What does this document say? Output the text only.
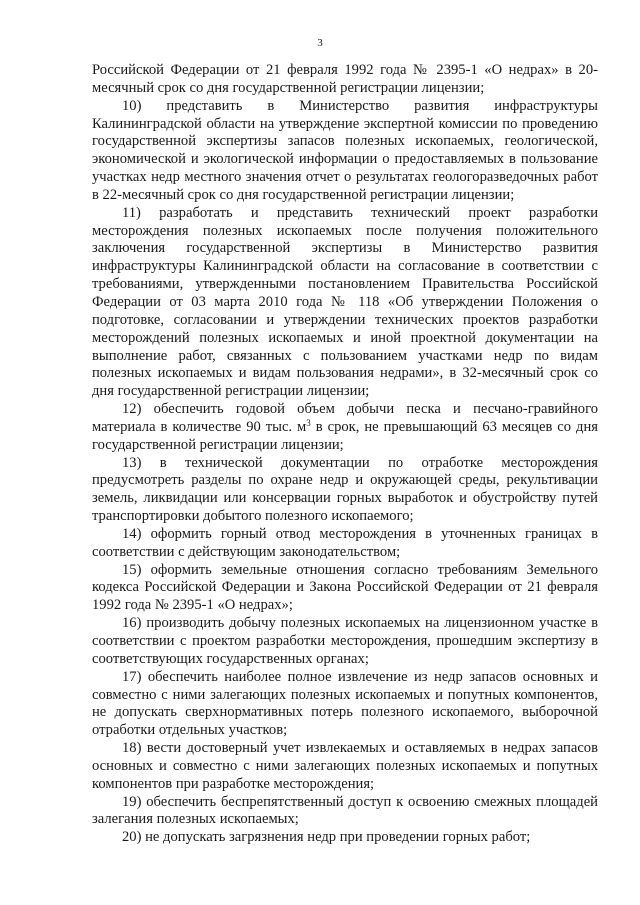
3

Российской Федерации от 21 февраля 1992 года № 2395-1 «О недрах» в 20-месячный срок со дня государственной регистрации лицензии;

10) представить в Министерство развития инфраструктуры Калининградской области на утверждение экспертной комиссии по проведению государственной экспертизы запасов полезных ископаемых, геологической, экономической и экологической информации о предоставляемых в пользование участках недр местного значения отчет о результатах геологоразведочных работ в 22-месячный срок со дня государственной регистрации лицензии;

11) разработать и представить технический проект разработки месторождения полезных ископаемых после получения положительного заключения государственной экспертизы в Министерство развития инфраструктуры Калининградской области на согласование в соответствии с требованиями, утвержденными постановлением Правительства Российской Федерации от 03 марта 2010 года № 118 «Об утверждении Положения о подготовке, согласовании и утверждении технических проектов разработки месторождений полезных ископаемых и иной проектной документации на выполнение работ, связанных с пользованием участками недр по видам полезных ископаемых и видам пользования недрами», в 32-месячный срок со дня государственной регистрации лицензии;

12) обеспечить годовой объем добычи песка и песчано-гравийного материала в количестве 90 тыс. $м^3$ в срок, не превышающий 63 месяцев со дня государственной регистрации лицензии;

13) в технической документации по отработке месторождения предусмотреть разделы по охране недр и окружающей среды, рекультивации земель, ликвидации или консервации горных выработок и обустройству путей транспортировки добытого полезного ископаемого;

14) оформить горный отвод месторождения в уточненных границах в соответствии с действующим законодательством;

15) оформить земельные отношения согласно требованиям Земельного кодекса Российской Федерации и Закона Российской Федерации от 21 февраля 1992 года № 2395-1 «О недрах»;

16) производить добычу полезных ископаемых на лицензионном участке в соответствии с проектом разработки месторождения, прошедшим экспертизу в соответствующих государственных органах;

17) обеспечить наиболее полное извлечение из недр запасов основных и совместно с ними залегающих полезных ископаемых и попутных компонентов, не допускать сверхнормативных потерь полезного ископаемого, выборочной отработки отдельных участков;

18) вести достоверный учет извлекаемых и оставляемых в недрах запасов основных и совместно с ними залегающих полезных ископаемых и попутных компонентов при разработке месторождения;

19) обеспечить беспрепятственный доступ к освоению смежных площадей залегания полезных ископаемых;

20) не допускать загрязнения недр при проведении горных работ;
